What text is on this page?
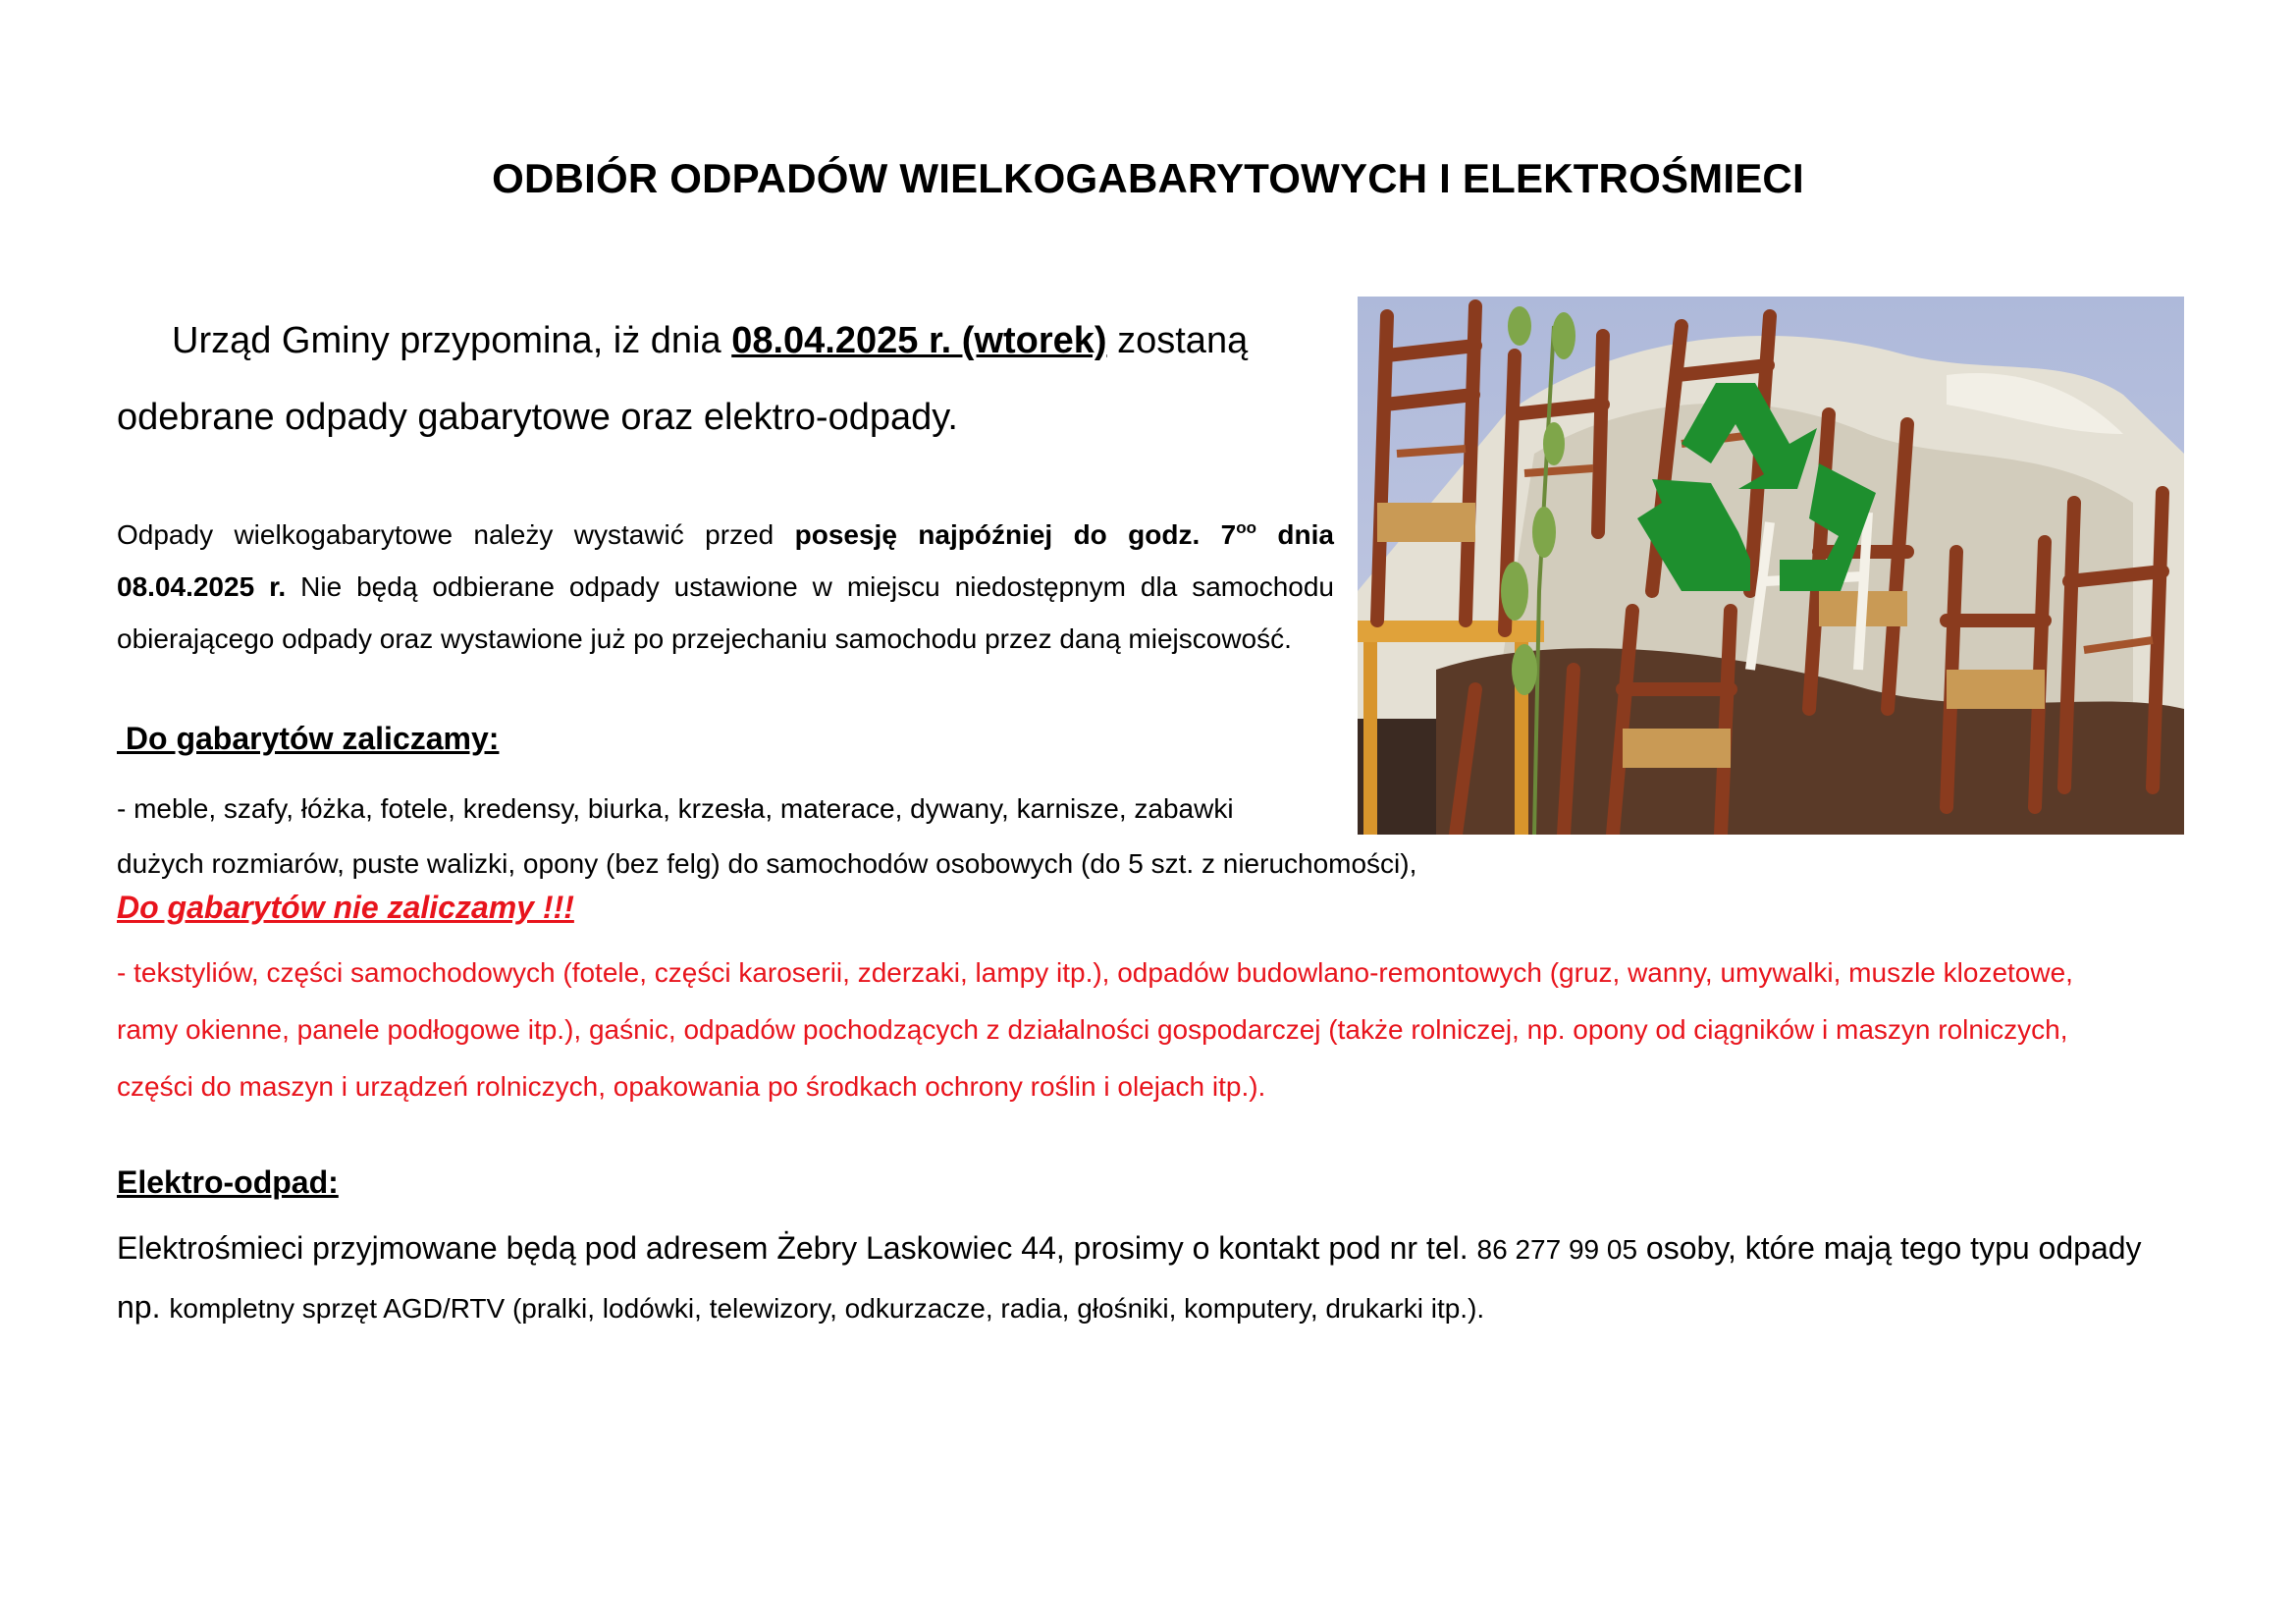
ODBIÓR ODPADÓW WIELKOGABARYTOWYCH I ELEKTROŚMIECI
Urząd Gminy przypomina, iż dnia 08.04.2025 r. (wtorek) zostaną odebrane odpady gabarytowe oraz elektro-odpady.
Odpady wielkogabarytowe należy wystawić przed posesję najpóźniej do godz. $7^{oo}$ dnia 08.04.2025 r. Nie będą odbierane odpady ustawione w miejscu niedostępnym dla samochodu obierającego odpady oraz wystawione już po przejechaniu samochodu przez daną miejscowość.
Do gabarytów zaliczamy:
- meble, szafy, łóżka, fotele, kredensy, biurka, krzesła, materace, dywany, karnisze, zabawki
dużych rozmiarów, puste walizki, opony (bez felg) do samochodów osobowych (do 5 szt. z nieruchomości),
Do gabarytów nie zaliczamy !!!
- tekstyliów, części samochodowych (fotele, części karoserii, zderzaki, lampy itp.), odpadów budowlano-remontowych (gruz, wanny, umywalki, muszle klozetowe, ramy okienne, panele podłogowe itp.), gaśnic, odpadów pochodzących z działalności gospodarczej (także rolniczej, np. opony od ciągników i maszyn rolniczych, części do maszyn i urządzeń rolniczych, opakowania po środkach ochrony roślin i olejach itp.).
Elektro-odpad:
Elektrośmieci przyjmowane będą pod adresem Żebry Laskowiec 44, prosimy o kontakt pod nr tel. 86 277 99 05 osoby, które mają tego typu odpady np. kompletny sprzęt AGD/RTV (pralki, lodówki, telewizory, odkurzacze, radia, głośniki, komputery, drukarki itp.).
